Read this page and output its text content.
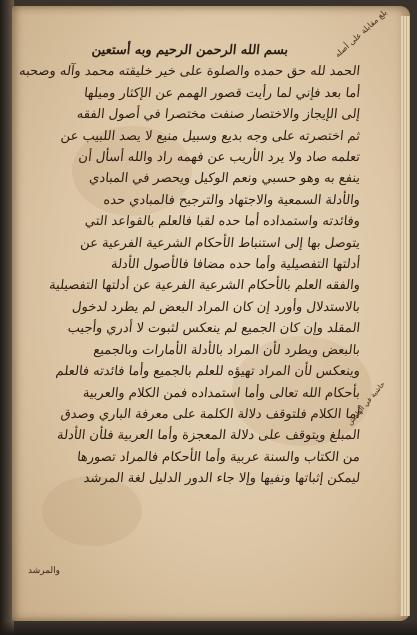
بسم الله الرحمن الرحيم وبه أستعين
الحمد لله حق حمده والصلوة على خير خليقته محمد وآله وصحبه
أما بعد فإني لما رأيت قصور الهمم عن الإكثار وميلها
إلى الإيجاز والاختصار صنفت مختصرا في أصول الفقه
ثم اختصرته على وجه بديع وسبيل منيع لا يصد اللبيب عن
تعلمه صاد ولا يرد الأريب عن فهمه راد والله أسأل أن
ينفع به وهو حسبي ونعم الوكيل ويحصر في المبادي
والأدلة السمعية والاجتهاد والترجيح فالمبادي حده
وفائدته واستمداده أما حده لقبا فالعلم بالقواعد التي
يتوصل بها إلى استنباط الأحكام الشرعية الفرعية عن
أدلتها التفصيلية وأما حده مضافا فالأصول الأدلة
والفقه العلم بالأحكام الشرعية الفرعية عن أدلتها التفصيلية
بالاستدلال وأورد إن كان المراد البعض لم يطرد لدخول
المقلد وإن كان الجميع لم ينعكس لثبوت لا أدري وأجيب
بالبعض ويطرد لأن المراد بالأدلة الأمارات وبالجميع
وينعكس لأن المراد تهيؤه للعلم بالجميع وأما فائدته فالعلم
بأحكام الله تعالى وأما استمداده فمن الكلام والعربية
أما الكلام فلتوقف دلالة الكلمة على معرفة الباري وصدق
المبلغ ويتوقف على دلالة المعجزة وأما العربية فلأن الأدلة
من الكتاب والسنة عربية وأما الأحكام فالمراد تصورها
ليمكن إثباتها ونفيها وإلا جاء الدور الدليل لغة المرشد
بلغ مقابلة على أصله
حاشية في الهامش
والمرشد
